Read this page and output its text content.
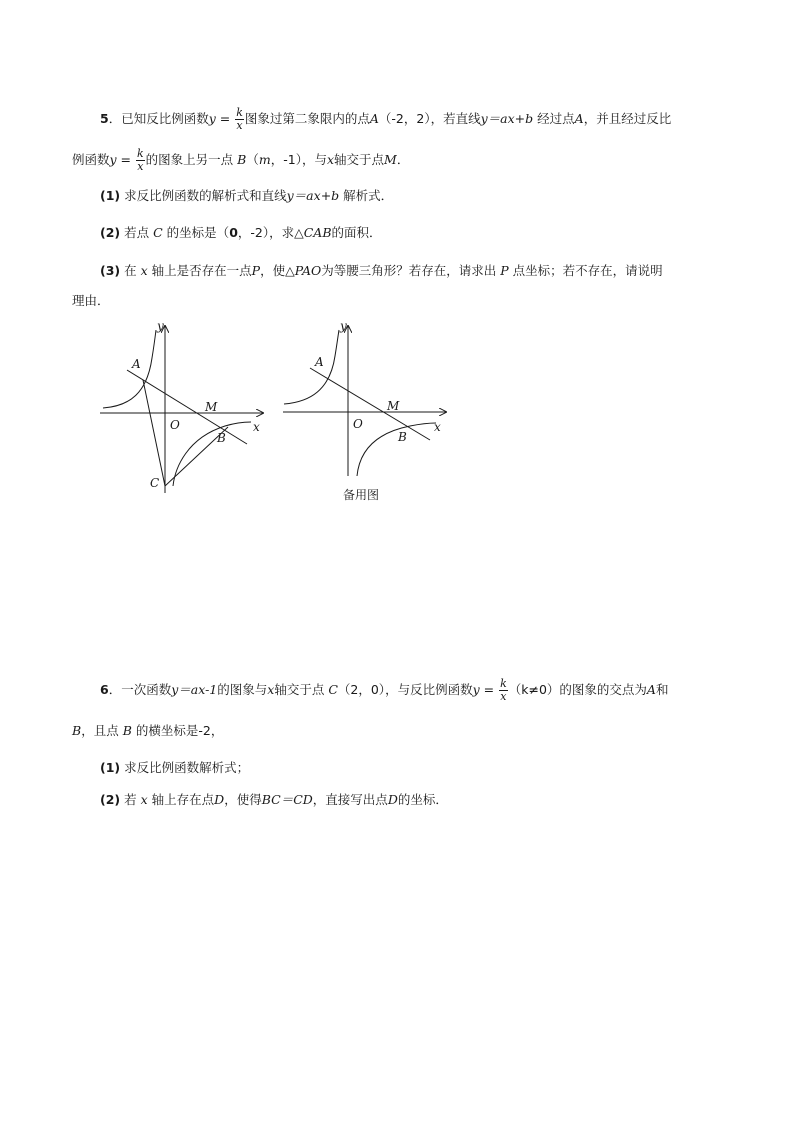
5．已知反比例函数$y = \frac{k}{x}$ 图象过第二象限内的点A（-2，2），若直线y＝ax+b 经过点A，并且经过反比
例函数$y = \frac{k}{x}$ 的图象上另一点 B（m，-1），与x轴交于点M．
(1) 求反比例函数的解析式和直线y＝ax+b 解析式．
(2) 若点 C 的坐标是（0，-2），求△CAB的面积．
(3) 在 x 轴上是否存在一点P，使△PAO为等腰三角形？若存在，请求出 P 点坐标；若不存在，请说明
理由．
y
A
M
O	x
B
C
y
A
M
O	x
B
备用图
6．一次函数y＝ax-1的图象与x轴交于点 C（2，0），与反比例函数$y = \frac{k}{x} (k\ne 0)$的图象的交点为A和
B，且点 B 的横坐标是-2，
(1) 求反比例函数解析式；
(2) 若 x 轴上存在点D，使得BC＝CD，直接写出点D的坐标．
